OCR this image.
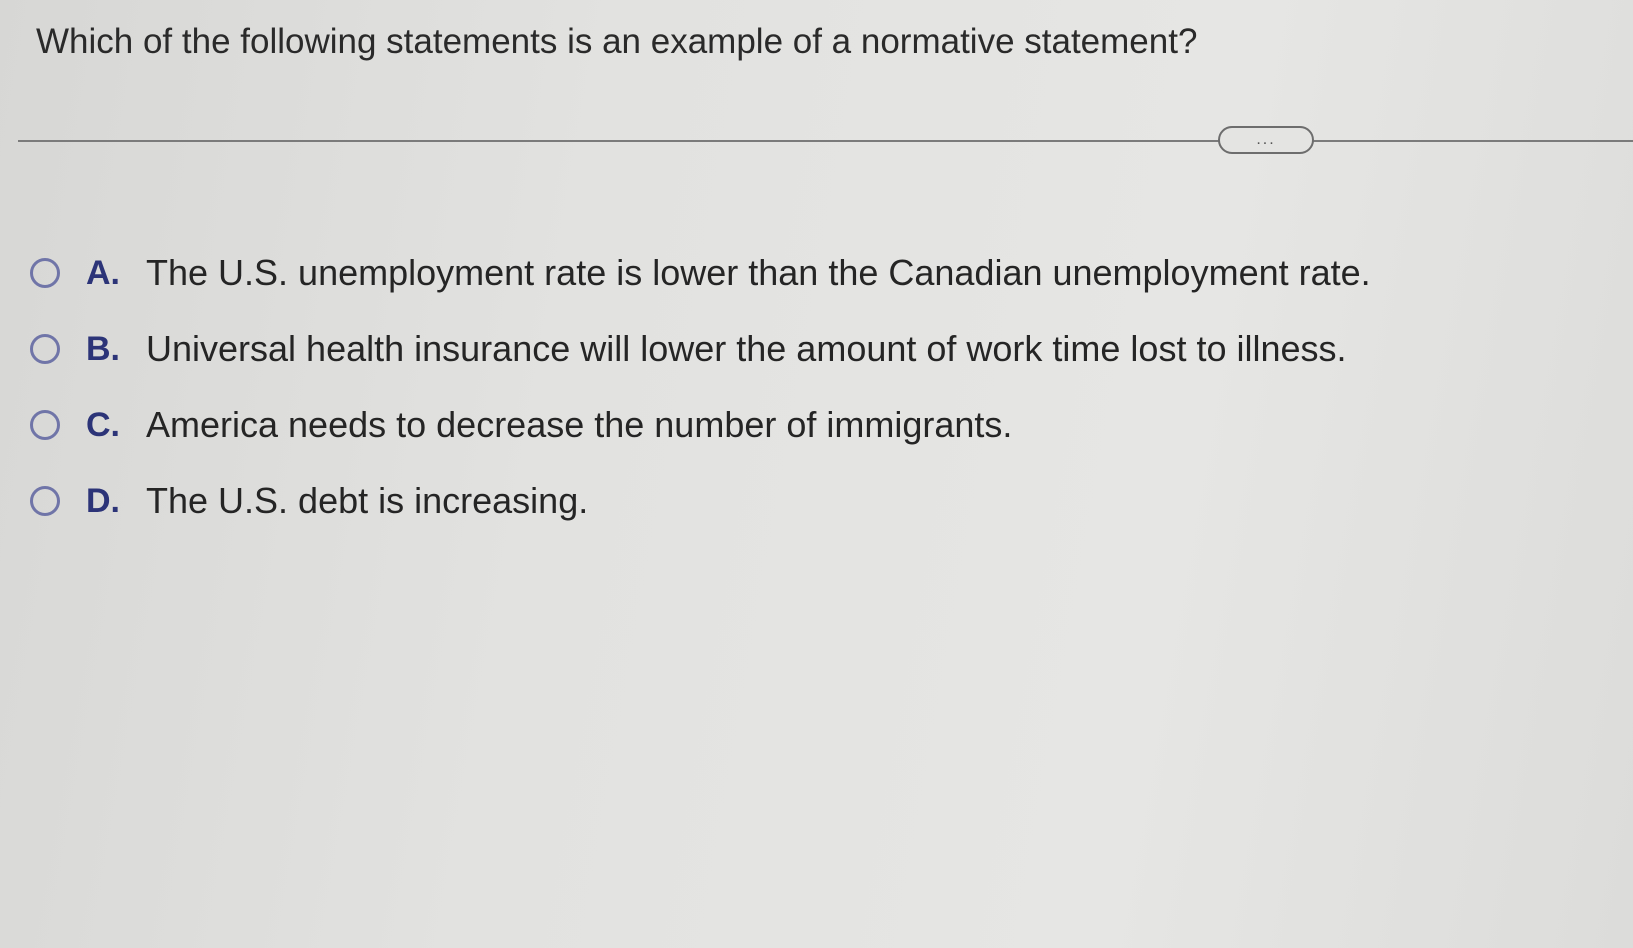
Which of the following statements is an example of a normative statement?
...
A. The U.S. unemployment rate is lower than the Canadian unemployment rate.
B. Universal health insurance will lower the amount of work time lost to illness.
C. America needs to decrease the number of immigrants.
D. The U.S. debt is increasing.
